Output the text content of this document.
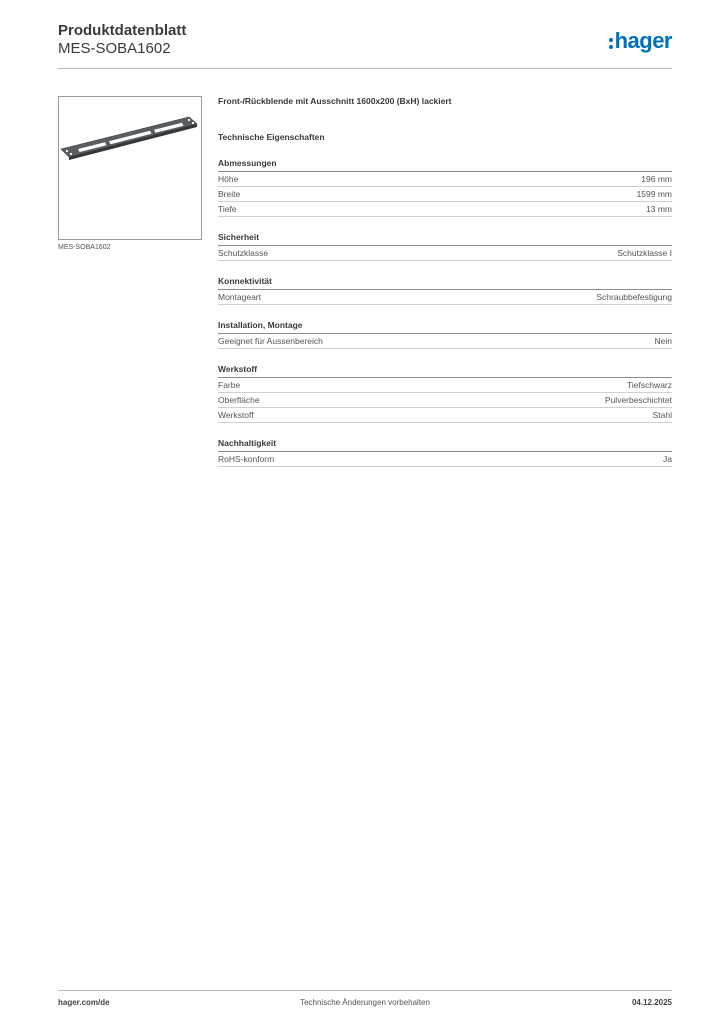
Produktdatenblatt
MES-SOBA1602	hager
MES-SOBA1602
Front-/Rückblende mit Ausschnitt 1600x200 (BxH) lackiert
Technische Eigenschaften
Abmessungen
Höhe	196 mm
Breite	1599 mm
Tiefe	13 mm
Sicherheit
Schutzklasse	Schutzklasse I
Konnektivität
Montageart	Schraubbefestigung
Installation, Montage
Geeignet für Aussenbereich	Nein
Werkstoff
Farbe	Tiefschwarz
Oberfläche	Pulverbeschichtet
Werkstoff	Stahl
Nachhaltigkeit
RoHS-konform	Ja
hager.com/de	Technische Änderungen vorbehalten	04.12.2025
